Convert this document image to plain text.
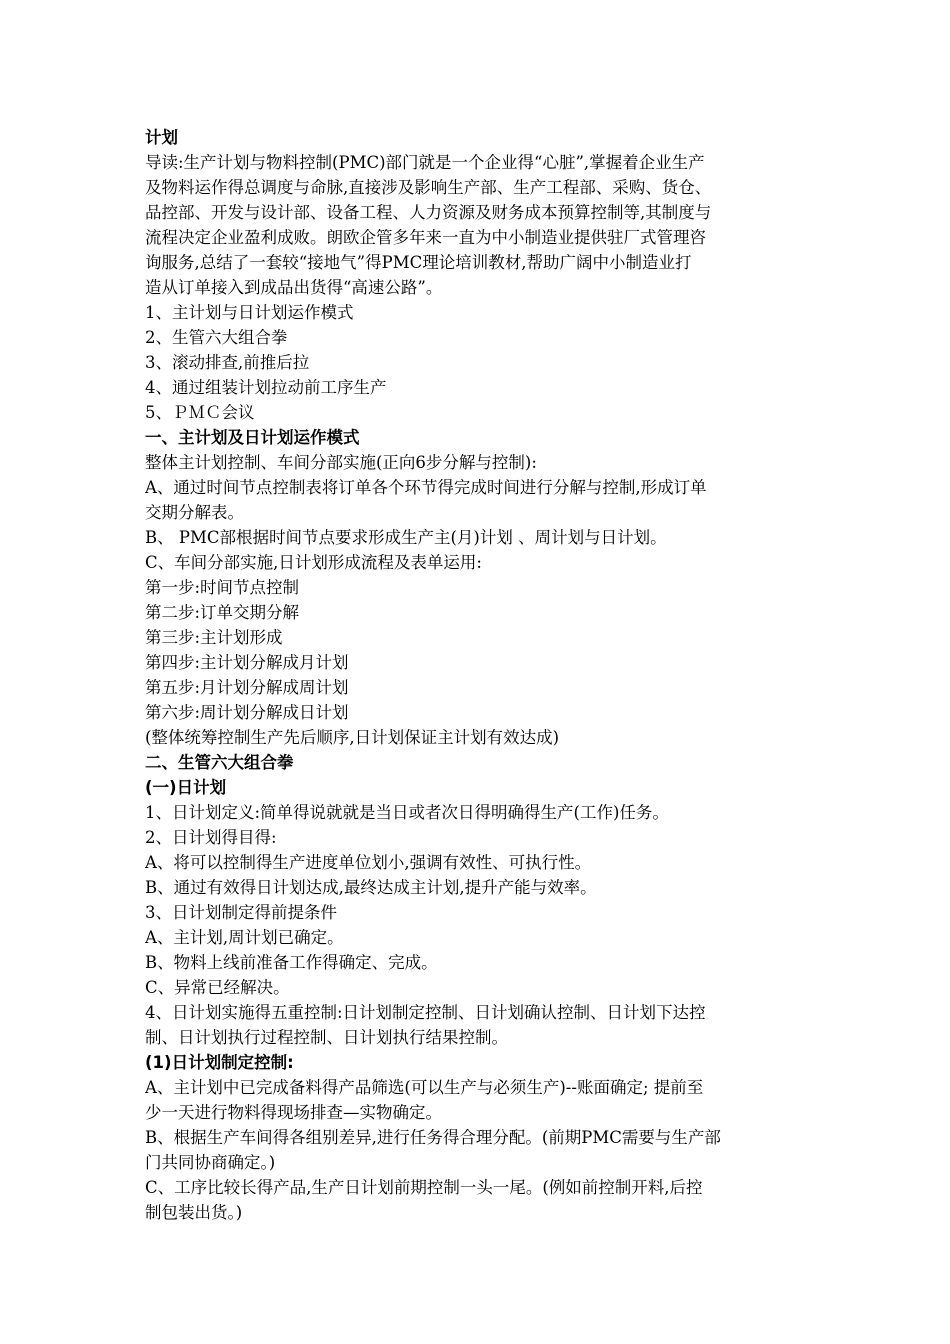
计划
导读:生产计划与物料控制(PMC)部门就是一个企业得“心脏”,掌握着企业生产
及物料运作得总调度与命脉,直接涉及影响生产部、生产工程部、采购、货仓、
品控部、开发与设计部、设备工程、人力资源及财务成本预算控制等,其制度与
流程决定企业盈利成败。朗欧企管多年来一直为中小制造业提供驻厂式管理咨
询服务,总结了一套较“接地气”得PMC理论培训教材,帮助广阔中小制造业打
造从订单接入到成品出货得“高速公路”。
1、主计划与日计划运作模式
2、生管六大组合拳
3、滚动排查,前推后拉
4、通过组装计划拉动前工序生产
5、ＰＭＣ会议
一、主计划及日计划运作模式
整体主计划控制、车间分部实施(正向6步分解与控制):
A、通过时间节点控制表将订单各个环节得完成时间进行分解与控制,形成订单
交期分解表。
B、 PMC部根据时间节点要求形成生产主(月)计划 、周计划与日计划。
C、车间分部实施,日计划形成流程及表单运用:
第一步:时间节点控制
第二步:订单交期分解
第三步:主计划形成
第四步:主计划分解成月计划
第五步:月计划分解成周计划
第六步:周计划分解成日计划
(整体统筹控制生产先后顺序,日计划保证主计划有效达成)
二、生管六大组合拳
(一)日计划
1、日计划定义:简单得说就就是当日或者次日得明确得生产(工作)任务。
2、日计划得目得:
A、将可以控制得生产进度单位划小,强调有效性、可执行性。
B、通过有效得日计划达成,最终达成主计划,提升产能与效率。
3、日计划制定得前提条件
A、主计划,周计划已确定。
B、物料上线前准备工作得确定、完成。
C、异常已经解决。
4、日计划实施得五重控制:日计划制定控制、日计划确认控制、日计划下达控
制、日计划执行过程控制、日计划执行结果控制。
(1)日计划制定控制:
A、主计划中已完成备料得产品筛选(可以生产与必须生产)--账面确定; 提前至
少一天进行物料得现场排查—实物确定。
B、根据生产车间得各组别差异,进行任务得合理分配。(前期PMC需要与生产部
门共同协商确定。)
C、工序比较长得产品,生产日计划前期控制一头一尾。(例如前控制开料,后控
制包装出货。)
